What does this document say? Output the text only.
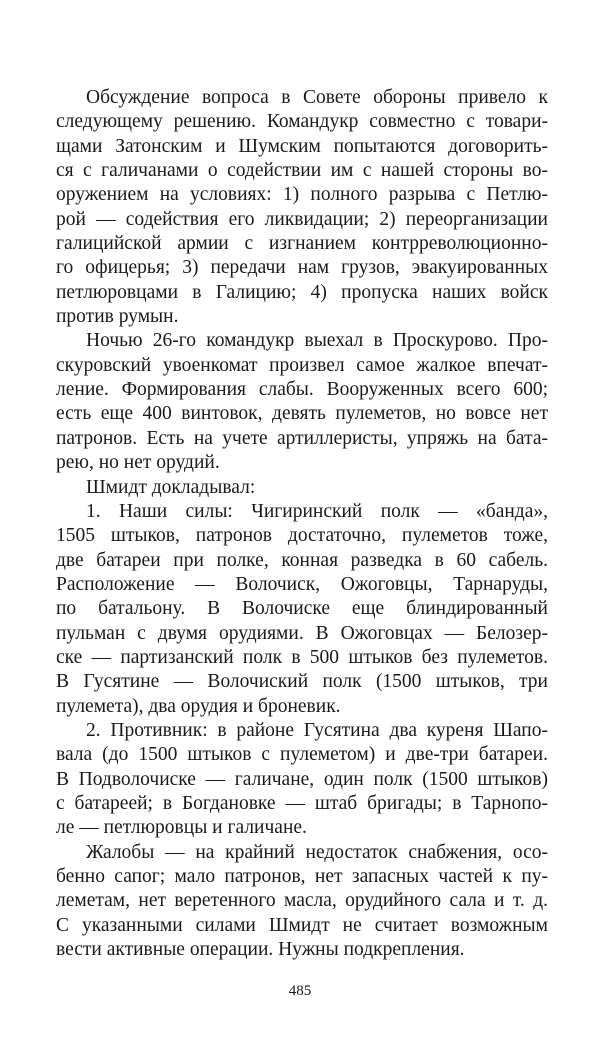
Обсуждение вопроса в Совете обороны привело к
следующему решению. Командукр совместно с товари-
щами Затонским и Шумским попытаются договорить-
ся с галичанами о содействии им с нашей стороны во-
оружением на условиях: 1) полного разрыва с Петлю-
рой — содействия его ликвидации; 2) переорганизации
галицийской армии с изгнанием контрреволюционно-
го офицерья; 3) передачи нам грузов, эвакуированных
петлюровцами в Галицию; 4) пропуска наших войск
против румын.
Ночью 26-го командукр выехал в Проскурово. Про-
скуровский увоенкомат произвел самое жалкое впечат-
ление. Формирования слабы. Вооруженных всего 600;
есть еще 400 винтовок, девять пулеметов, но вовсе нет
патронов. Есть на учете артиллеристы, упряжь на бата-
рею, но нет орудий.
Шмидт докладывал:
1. Наши силы: Чигиринский полк — «банда»,
1505 штыков, патронов достаточно, пулеметов тоже,
две батареи при полке, конная разведка в 60 сабель.
Расположение — Волочиск, Ожоговцы, Тарнаруды,
по батальону. В Волочиске еще блиндированный
пульман с двумя орудиями. В Ожоговцах — Белозер-
ске — партизанский полк в 500 штыков без пулеметов.
В Гусятине — Волочиский полк (1500 штыков, три
пулемета), два орудия и броневик.
2. Противник: в районе Гусятина два куреня Шапо-
вала (до 1500 штыков с пулеметом) и две-три батареи.
В Подволочиске — галичане, один полк (1500 штыков)
с батареей; в Богдановке — штаб бригады; в Тарнопо-
ле — петлюровцы и галичане.
Жалобы — на крайний недостаток снабжения, осо-
бенно сапог; мало патронов, нет запасных частей к пу-
леметам, нет веретенного масла, орудийного сала и т. д.
С указанными силами Шмидт не считает возможным
вести активные операции. Нужны подкрепления.
485
